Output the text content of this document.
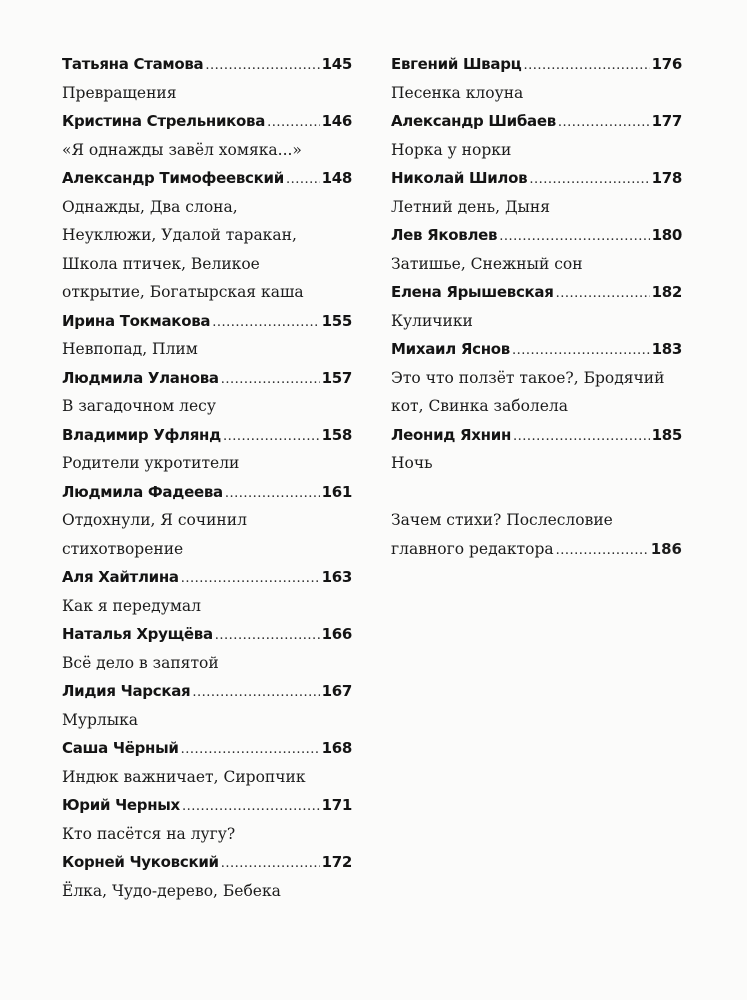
Татьяна Стамова .....	145
Превращения
Кристина Стрельникова .....	146
«Я однажды завёл хомяка...»
Александр Тимофеевский .....	148
Однажды, Два слона,
Неуклюжи, Удалой таракан,
Школа птичек, Великое
открытие, Богатырская каша
Ирина Токмакова .....	155
Невпопад, Плим
Людмила Уланова .....	157
В загадочном лесу
Владимир Уфлянд .....	158
Родители укротители
Людмила Фадеева .....	161
Отдохнули, Я сочинил
стихотворение
Аля Хайтлина .....	163
Как я передумал
Наталья Хрущёва .....	166
Всё дело в запятой
Лидия Чарская .....	167
Мурлыка
Саша Чёрный .....	168
Индюк важничает, Сиропчик
Юрий Черных .....	171
Кто пасётся на лугу?
Корней Чуковский .....	172
Ёлка, Чудо-дерево, Бебека
Евгений Шварц .....	176
Песенка клоуна
Александр Шибаев .....	177
Норка у норки
Николай Шилов .....	178
Летний день, Дыня
Лев Яковлев .....	180
Затишье, Снежный сон
Елена Ярышевская .....	182
Куличики
Михаил Яснов .....	183
Это что ползёт такое?, Бродячий
кот, Свинка заболела
Леонид Яхнин .....	185
Ночь
Зачем стихи? Послесловие
главного редактора .....	186
